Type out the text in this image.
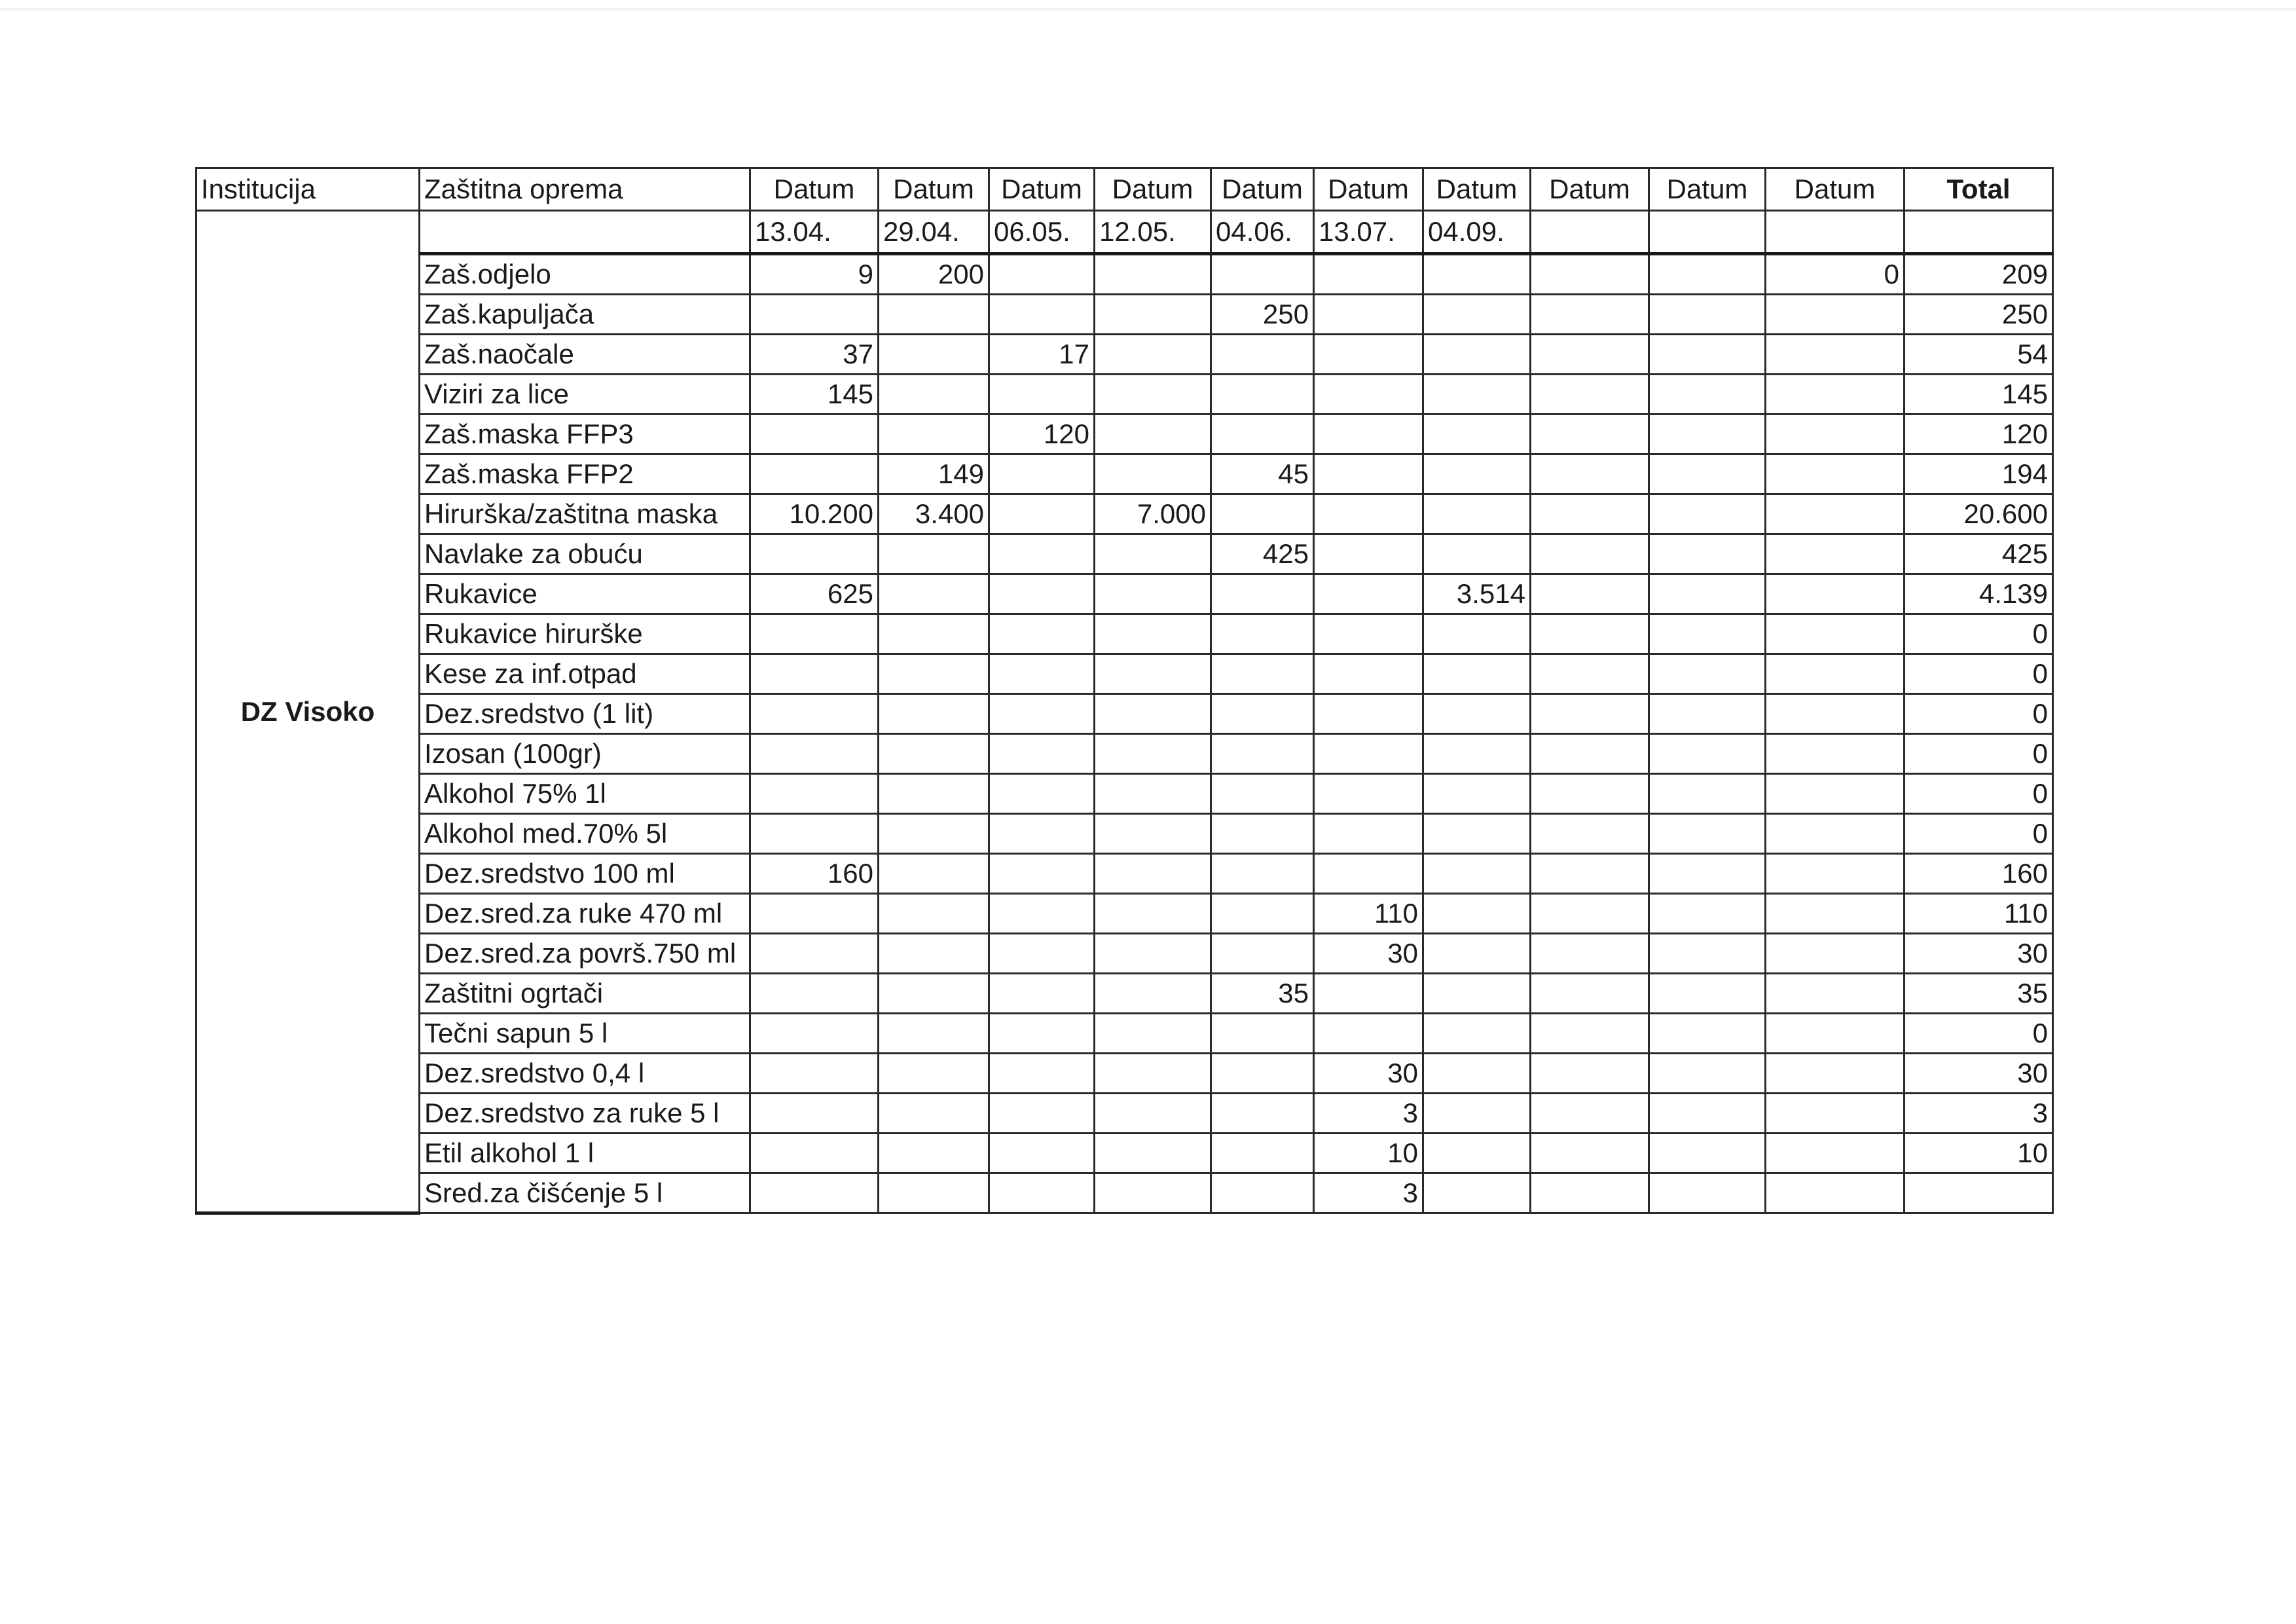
Institucija	Zaštitna oprema	Datum	Datum	Datum	Datum	Datum	Datum	Datum	Datum	Datum	Datum	Total
DZ Visoko		13.04.	29.04.	06.05.	12.05.	04.06.	13.07.	04.09.				
	Zaš.odjelo	9	200								0	209
	Zaš.kapuljača					250						250
	Zaš.naočale	37		17								54
	Viziri za lice	145										145
	Zaš.maska FFP3			120								120
	Zaš.maska FFP2		149			45						194
	Hirurška/zaštitna maska	10.200	3.400		7.000							20.600
	Navlake za obuću					425						425
	Rukavice	625						3.514				4.139
	Rukavice hirurške											0
	Kese za inf.otpad											0
	Dez.sredstvo (1 lit)											0
	Izosan (100gr)											0
	Alkohol 75% 1l											0
	Alkohol med.70% 5l											0
	Dez.sredstvo 100 ml	160										160
	Dez.sred.za ruke 470 ml						110					110
	Dez.sred.za površ.750 ml						30					30
	Zaštitni ogrtači					35						35
	Tečni sapun 5 l											0
	Dez.sredstvo 0,4 l						30					30
	Dez.sredstvo za ruke 5 l						3					3
	Etil alkohol 1 l						10					10
	Sred.za čišćenje 5 l						3					
